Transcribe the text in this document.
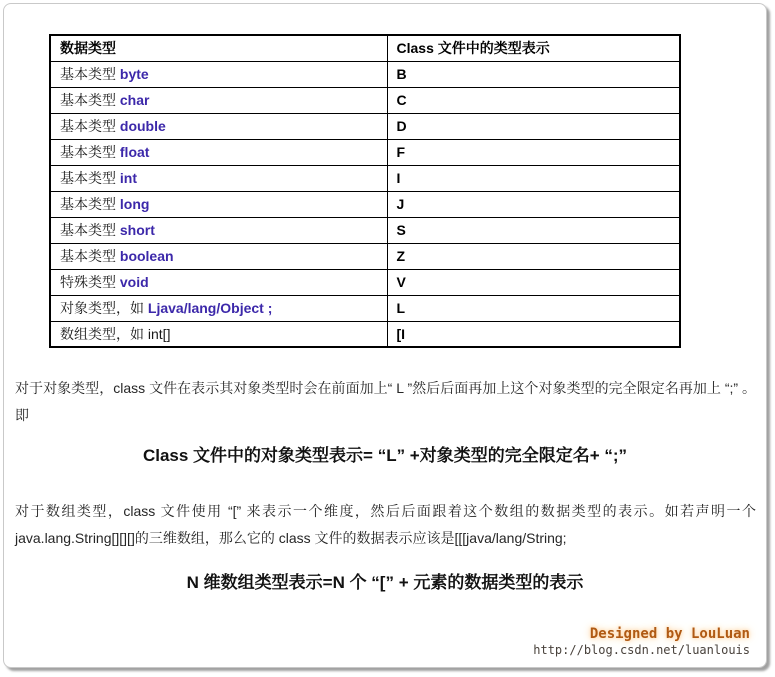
数据类型	Class 文件中的类型表示
基本类型 byte	B
基本类型 char	C
基本类型 double	D
基本类型 float	F
基本类型 int	I
基本类型 long	J
基本类型 short	S
基本类型 boolean	Z
特殊类型 void	V
对象类型，如 Ljava/lang/Object ;	L
数组类型，如 int[]	[I

对于对象类型，class 文件在表示其对象类型时会在前面加上“ L ”然后后面再加上这个对象类型的完全限定名再加上 “;” 。即

Class 文件中的对象类型表示= “L” +对象类型的完全限定名+ “;”

对于数组类型，class 文件使用 “[” 来表示一个维度，然后后面跟着这个数组的数据类型的表示。如若声明一个 java.lang.String[][][]的三维数组，那么它的 class 文件的数据表示应该是[[[java/lang/String;

N 维数组类型表示=N 个 “[” + 元素的数据类型的表示

Designed by LouLuan
http://blog.csdn.net/luanlouis
